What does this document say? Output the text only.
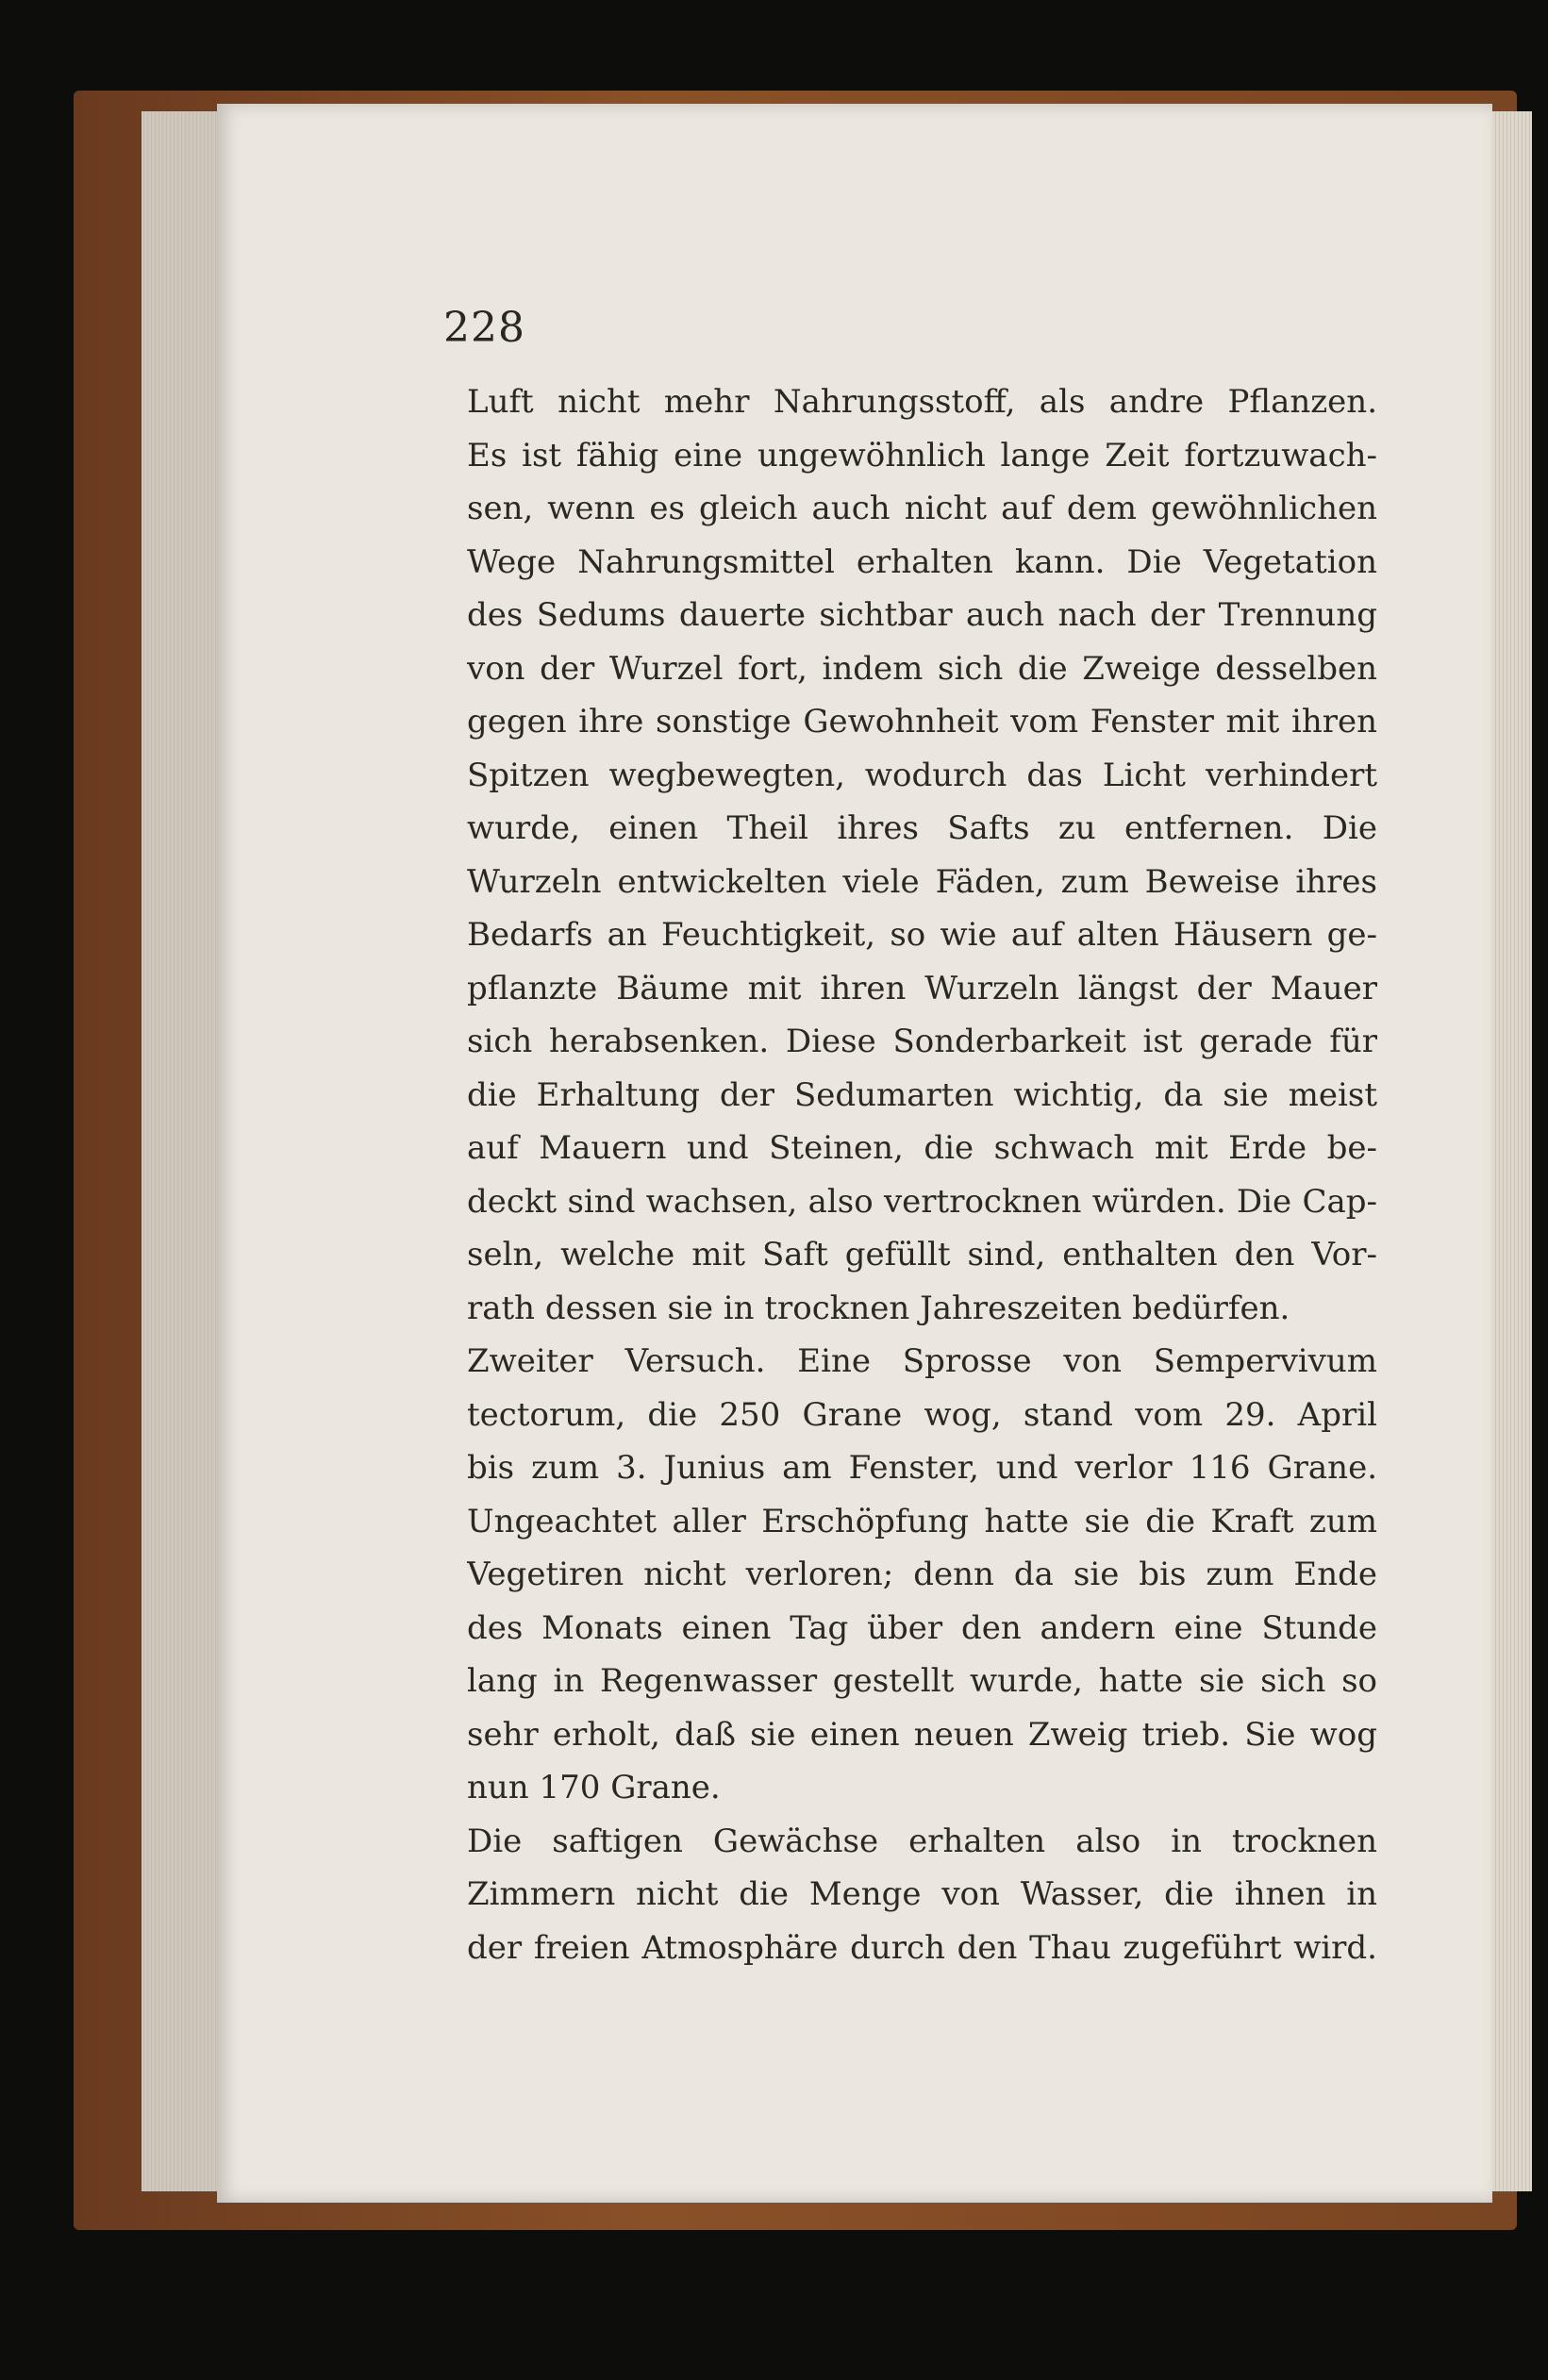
228
Luft nicht mehr Nahrungsstoff, als andre Pflanzen.
Es ist fähig eine ungewöhnlich lange Zeit fortzuwach-
sen, wenn es gleich auch nicht auf dem gewöhnlichen
Wege Nahrungsmittel erhalten kann. Die Vegetation
des Sedums dauerte sichtbar auch nach der Trennung
von der Wurzel fort, indem sich die Zweige desselben
gegen ihre sonstige Gewohnheit vom Fenster mit ihren
Spitzen wegbewegten, wodurch das Licht verhindert
wurde, einen Theil ihres Safts zu entfernen. Die
Wurzeln entwickelten viele Fäden, zum Beweise ihres
Bedarfs an Feuchtigkeit, so wie auf alten Häusern ge-
pflanzte Bäume mit ihren Wurzeln längst der Mauer
sich herabsenken. Diese Sonderbarkeit ist gerade für
die Erhaltung der Sedumarten wichtig, da sie meist
auf Mauern und Steinen, die schwach mit Erde be-
deckt sind wachsen, also vertrocknen würden. Die Cap-
seln, welche mit Saft gefüllt sind, enthalten den Vor-
rath dessen sie in trocknen Jahreszeiten bedürfen.
Zweiter Versuch. Eine Sprosse von Sempervivum
tectorum, die 250 Grane wog, stand vom 29. April
bis zum 3. Junius am Fenster, und verlor 116 Grane.
Ungeachtet aller Erschöpfung hatte sie die Kraft zum
Vegetiren nicht verloren; denn da sie bis zum Ende
des Monats einen Tag über den andern eine Stunde
lang in Regenwasser gestellt wurde, hatte sie sich so
sehr erholt, daß sie einen neuen Zweig trieb. Sie wog
nun 170 Grane.
Die saftigen Gewächse erhalten also in trocknen
Zimmern nicht die Menge von Wasser, die ihnen in
der freien Atmosphäre durch den Thau zugeführt wird.
